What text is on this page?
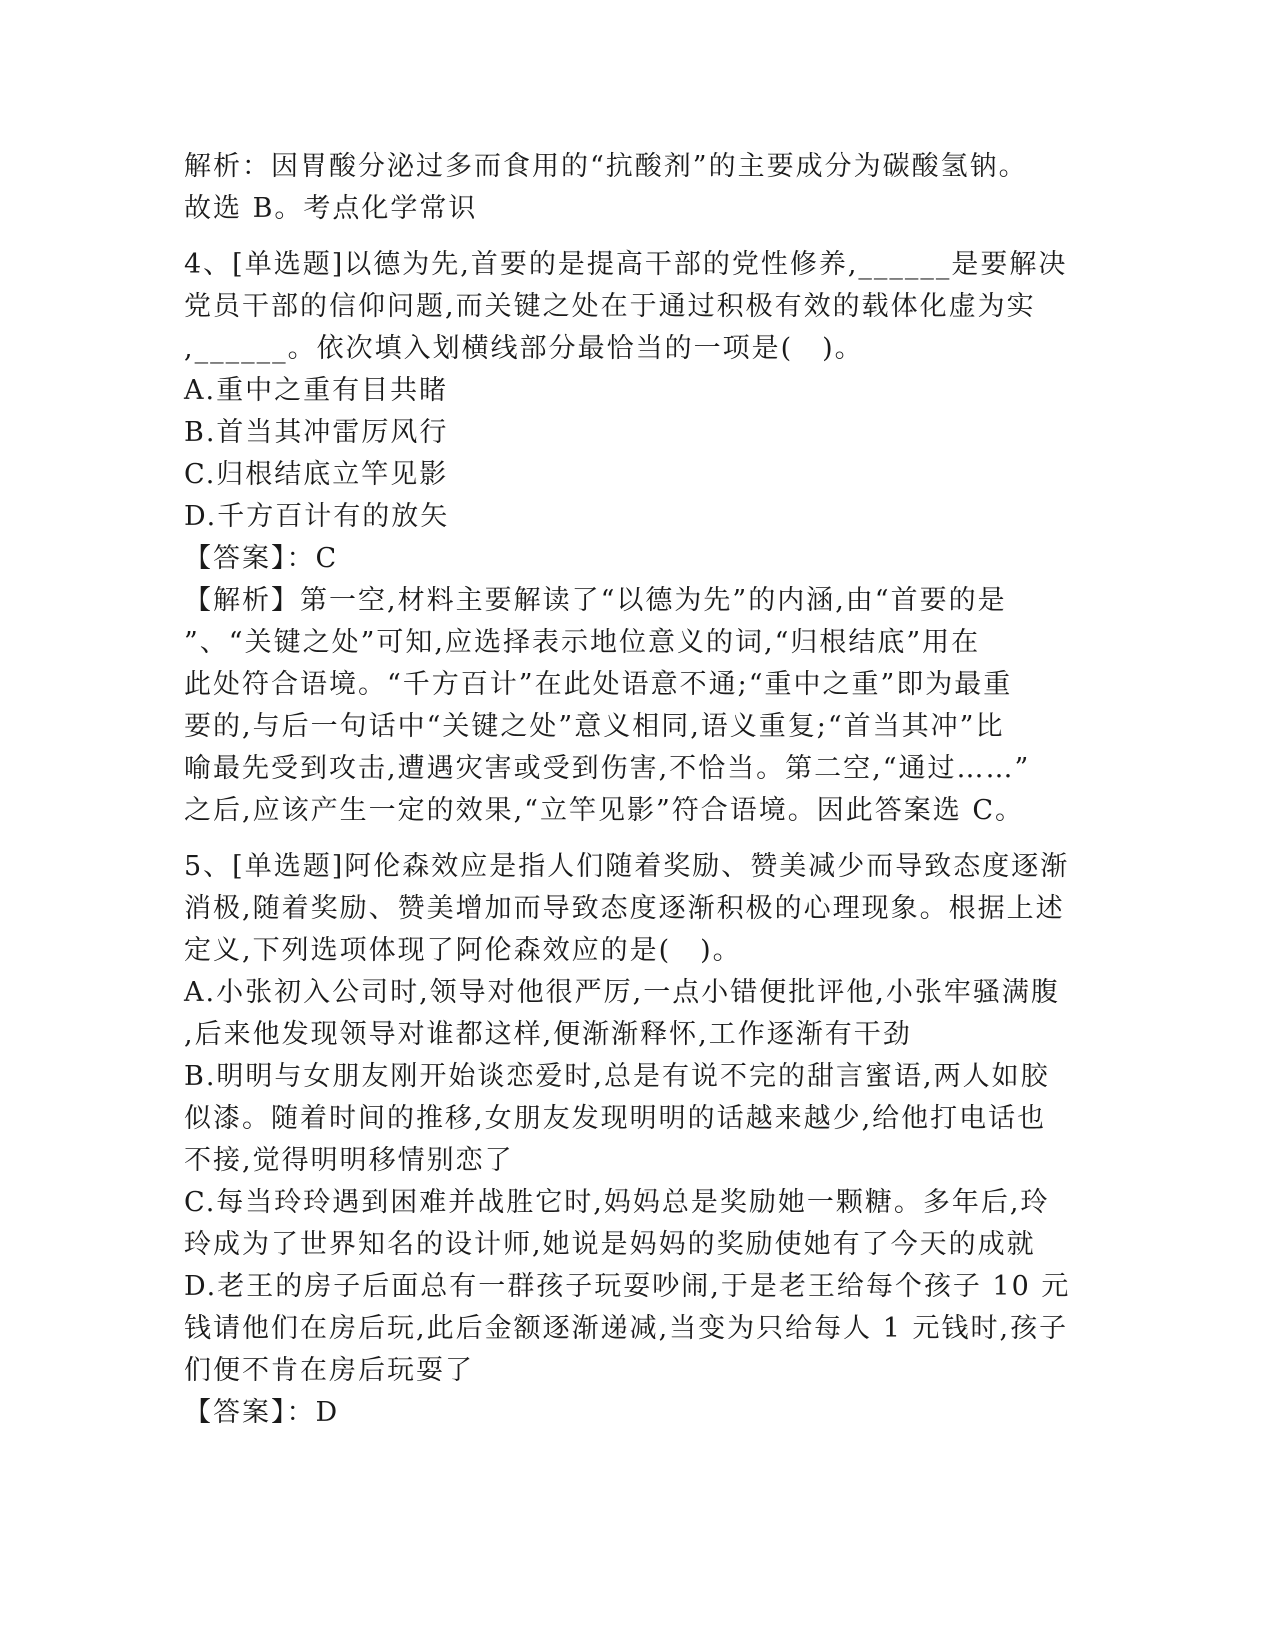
解析：因胃酸分泌过多而食用的“抗酸剂”的主要成分为碳酸氢钠。
故选 B。考点化学常识
4、[单选题]以德为先,首要的是提高干部的党性修养,______是要解决
党员干部的信仰问题,而关键之处在于通过积极有效的载体化虚为实
,______。依次填入划横线部分最恰当的一项是(　)。
A.重中之重有目共睹
B.首当其冲雷厉风行
C.归根结底立竿见影
D.千方百计有的放矢
【答案】：C
【解析】第一空,材料主要解读了“以德为先”的内涵,由“首要的是
”、“关键之处”可知,应选择表示地位意义的词,“归根结底”用在
此处符合语境。“千方百计”在此处语意不通;“重中之重”即为最重
要的,与后一句话中“关键之处”意义相同,语义重复;“首当其冲”比
喻最先受到攻击,遭遇灾害或受到伤害,不恰当。第二空,“通过……”
之后,应该产生一定的效果,“立竿见影”符合语境。因此答案选 C。
5、[单选题]阿伦森效应是指人们随着奖励、赞美减少而导致态度逐渐
消极,随着奖励、赞美增加而导致态度逐渐积极的心理现象。根据上述
定义,下列选项体现了阿伦森效应的是(　)。
A.小张初入公司时,领导对他很严厉,一点小错便批评他,小张牢骚满腹
,后来他发现领导对谁都这样,便渐渐释怀,工作逐渐有干劲
B.明明与女朋友刚开始谈恋爱时,总是有说不完的甜言蜜语,两人如胶
似漆。随着时间的推移,女朋友发现明明的话越来越少,给他打电话也
不接,觉得明明移情别恋了
C.每当玲玲遇到困难并战胜它时,妈妈总是奖励她一颗糖。多年后,玲
玲成为了世界知名的设计师,她说是妈妈的奖励使她有了今天的成就
D.老王的房子后面总有一群孩子玩耍吵闹,于是老王给每个孩子 10 元
钱请他们在房后玩,此后金额逐渐递减,当变为只给每人 1 元钱时,孩子
们便不肯在房后玩耍了
【答案】：D
